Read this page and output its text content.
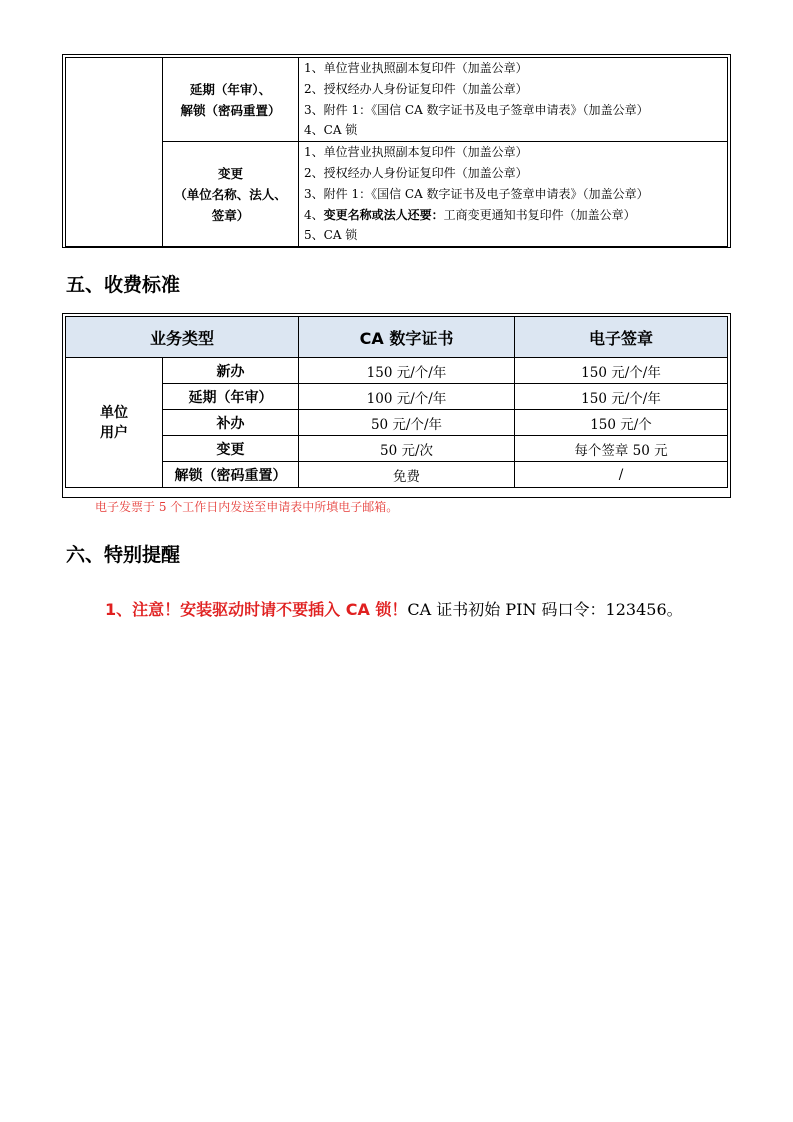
	延期（年审）、
解锁（密码重置）	1、单位营业执照副本复印件（加盖公章）
2、授权经办人身份证复印件（加盖公章）
3、附件 1：《国信 CA 数字证书及电子签章申请表》（加盖公章）
4、CA 锁

	变更
（单位名称、法人、
签章）	1、单位营业执照副本复印件（加盖公章）
2、授权经办人身份证复印件（加盖公章）
3、附件 1：《国信 CA 数字证书及电子签章申请表》（加盖公章）
4、变更名称或法人还要：工商变更通知书复印件（加盖公章）
5、CA 锁
五、收费标准
业务类型		CA 数字证书	电子签章

单位
用户	新办	150 元/个/年	150 元/个/年
	延期（年审）	100 元/个/年	150 元/个/年
	补办	50 元/个/年	150 元/个
	变更	50 元/次	每个签章 50 元
	解锁（密码重置）	免费	/
电子发票于 5 个工作日内发送至申请表中所填电子邮箱。
六、特别提醒
1、注意！安装驱动时请不要插入 CA 锁！CA 证书初始 PIN 码口令：123456。
